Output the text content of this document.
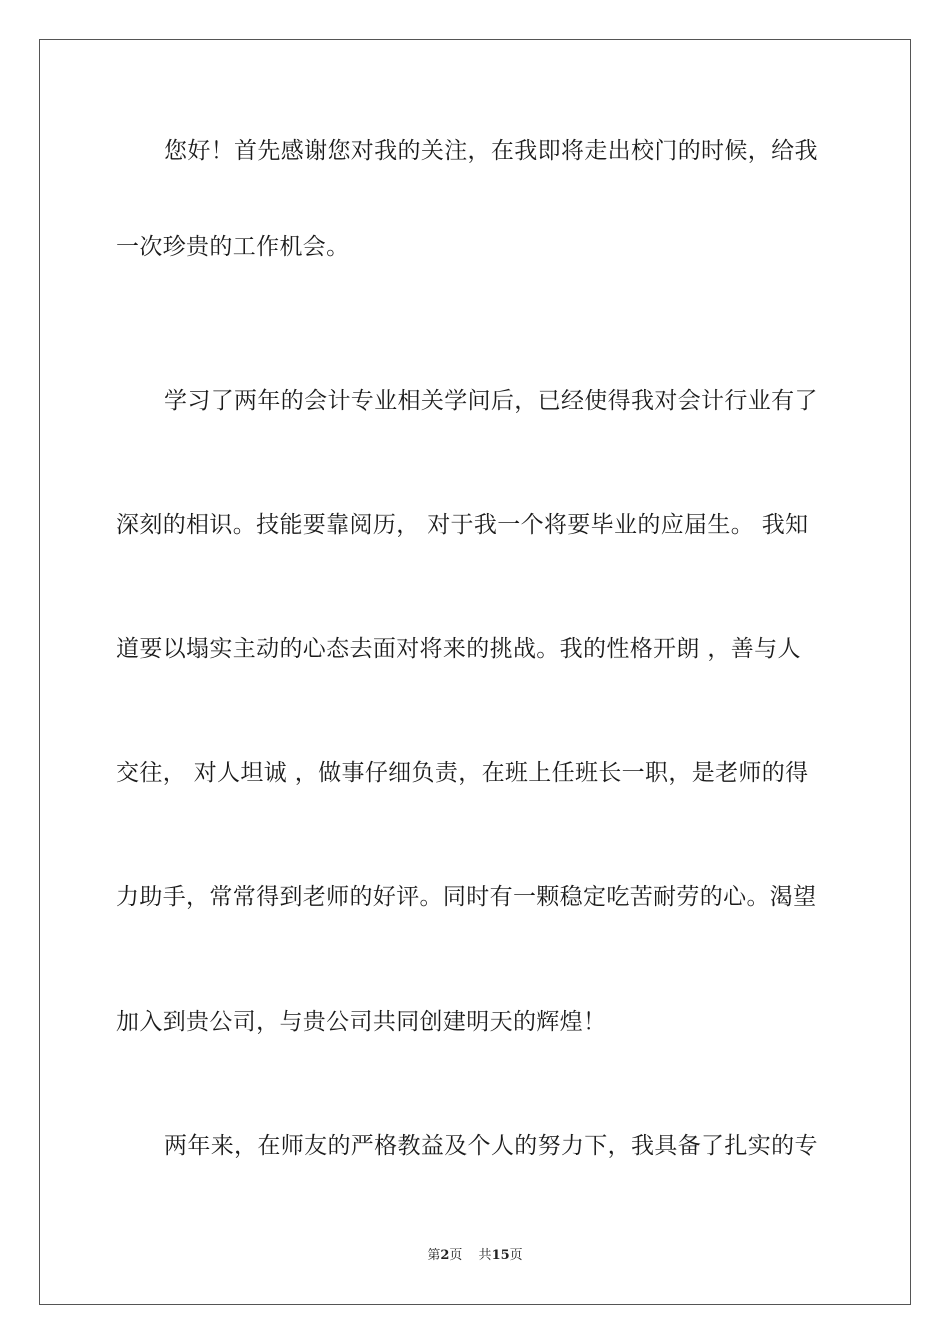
您好！首先感谢您对我的关注，在我即将走出校门的时候，给我
一次珍贵的工作机会。
学习了两年的会计专业相关学问后，已经使得我对会计行业有了
深刻的相识。技能要靠阅历， 对于我一个将要毕业的应届生。 我知
道要以塌实主动的心态去面对将来的挑战。我的性格开朗 ，善与人
交往， 对人坦诚 ，做事仔细负责，在班上任班长一职，是老师的得
力助手，常常得到老师的好评。同时有一颗稳定吃苦耐劳的心。渴望
加入到贵公司，与贵公司共同创建明天的辉煌！
两年来，在师友的严格教益及个人的努力下，我具备了扎实的专
第2页 共15页
